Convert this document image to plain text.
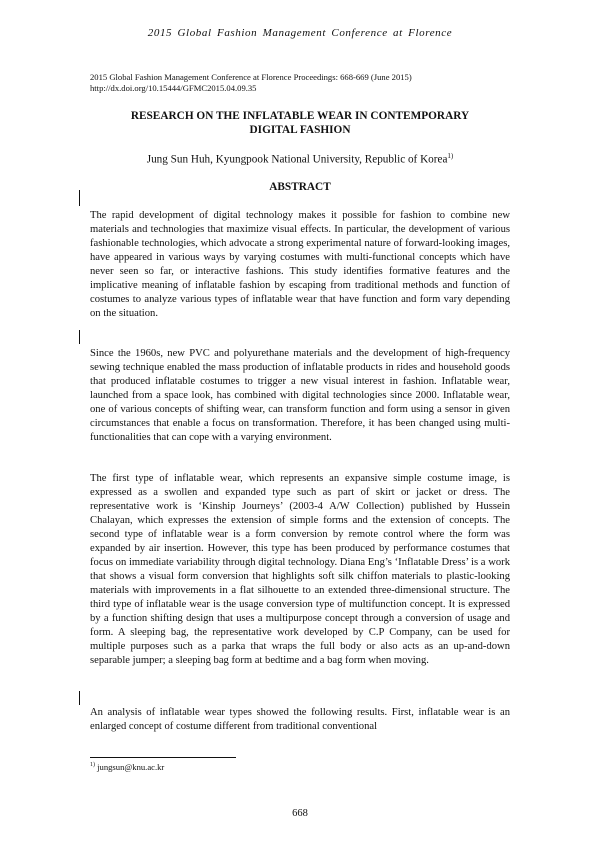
2015 Global Fashion Management Conference at Florence
2015 Global Fashion Management Conference at Florence Proceedings: 668-669 (June 2015)
http://dx.doi.org/10.15444/GFMC2015.04.09.35
RESEARCH ON THE INFLATABLE WEAR IN CONTEMPORARY
DIGITAL FASHION
Jung Sun Huh, Kyungpook National University, Republic of Korea$^{1)}$
ABSTRACT

The rapid development of digital technology makes it possible for fashion to combine new materials and technologies that maximize visual effects. In particular, the development of various fashionable technologies, which advocate a strong experimental nature of forward-looking images, have appeared in various ways by varying costumes with multi-functional concepts which have never seen so far, or interactive fashions. This study identifies formative features and the implicative meaning of inflatable fashion by escaping from traditional methods and function of costumes to analyze various types of inflatable wear that have function and form vary depending on the situation.

Since the 1960s, new PVC and polyurethane materials and the development of high-frequency sewing technique enabled the mass production of inflatable products in rides and household goods that produced inflatable costumes to trigger a new visual interest in fashion. Inflatable wear, launched from a space look, has combined with digital technologies since 2000. Inflatable wear, one of various concepts of shifting wear, can transform function and form using a sensor in given circumstances that enable a focus on transformation. Therefore, it has been changed using multi-functionalities that can cope with a varying environment.

The first type of inflatable wear, which represents an expansive simple costume image, is expressed as a swollen and expanded type such as part of skirt or jacket or dress. The representative work is ‘Kinship Journeys’ (2003-4 A/W Collection) published by Hussein Chalayan, which expresses the extension of simple forms and the extension of concepts. The second type of inflatable wear is a form conversion by remote control where the form was expanded by air insertion. However, this type has been produced by performance costumes that focus on immediate variability through digital technology. Diana Eng’s ‘Inflatable Dress’ is a work that shows a visual form conversion that highlights soft silk chiffon materials to plastic-looking materials with improvements in a flat silhouette to an extended three-dimensional structure. The third type of inflatable wear is the usage conversion type of multifunction concept. It is expressed by a function shifting design that uses a multipurpose concept through a conversion of usage and form. A sleeping bag, the representative work developed by C.P Company, can be used for multiple purposes such as a parka that wraps the full body or also acts as an up-and-down separable jumper; a sleeping bag form at bedtime and a bag form when moving.

An analysis of inflatable wear types showed the following results. First, inflatable wear is an enlarged concept of costume different from traditional conventional

$^{1)}$ jungsun@knu.ac.kr
668
